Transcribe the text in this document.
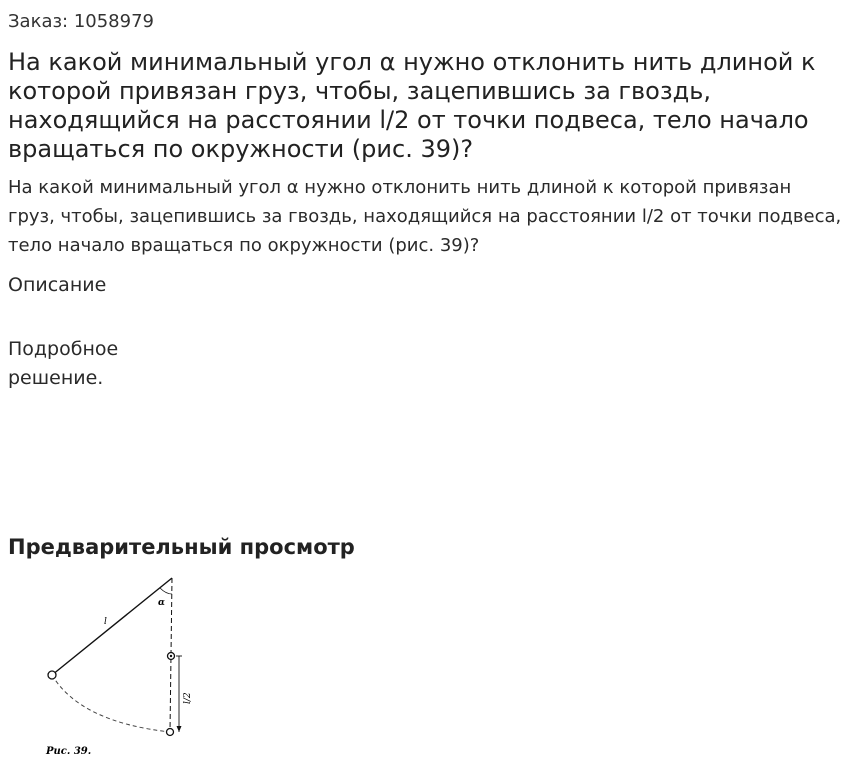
Заказ: 1058979
На какой минимальный угол α нужно отклонить нить длиной к которой привязан груз, чтобы, зацепившись за гвоздь, находящийся на расстоянии l/2 от точки подвеса, тело начало вращаться по окружности (рис. 39)?

На какой минимальный угол α нужно отклонить нить длиной к которой привязан груз, чтобы, зацепившись за гвоздь, находящийся на расстоянии l/2 от точки подвеса, тело начало вращаться по окружности (рис. 39)?

Описание
Подробное решение.
Предварительный просмотр
l
α
l/2
Рис. 39.
